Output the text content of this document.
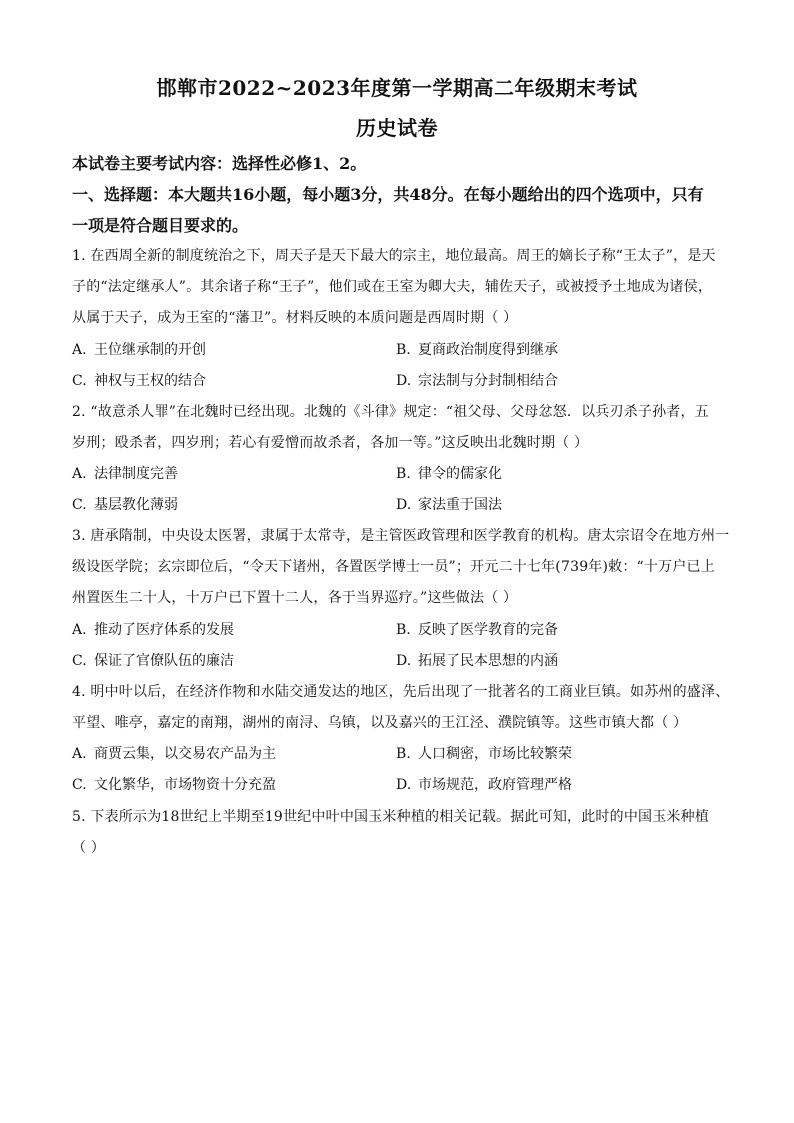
邯郸市2022~2023年度第一学期高二年级期末考试
历史试卷
本试卷主要考试内容：选择性必修1、2。
一、选择题：本大题共16小题，每小题3分，共48分。在每小题给出的四个选项中，只有
一项是符合题目要求的。
1. 在西周全新的制度统治之下，周天子是天下最大的宗主，地位最高。周王的嫡长子称“王太子”，是天
子的“法定继承人”。其余诸子称“王子”，他们或在王室为卿大夫，辅佐天子，或被授予土地成为诸侯，
从属于天子，成为王室的“藩卫”。材料反映的本质问题是西周时期（ ）
A. 王位继承制的开创	B. 夏商政治制度得到继承
C. 神权与王权的结合	D. 宗法制与分封制相结合
2. “故意杀人罪”在北魏时已经出现。北魏的《斗律》规定：“祖父母、父母忿怒．以兵刃杀子孙者，五
岁刑；殴杀者，四岁刑；若心有爱憎而故杀者，各加一等。”这反映出北魏时期（ ）
A. 法律制度完善	B. 律令的儒家化
C. 基层教化薄弱	D. 家法重于国法
3. 唐承隋制，中央设太医署，隶属于太常寺，是主管医政管理和医学教育的机构。唐太宗诏令在地方州一
级设医学院；玄宗即位后，“令天下诸州，各置医学博士一员”；开元二十七年(739年)敕：“十万户已上
州置医生二十人，十万户已下置十二人，各于当界巡疗。”这些做法（ ）
A. 推动了医疗体系的发展	B. 反映了医学教育的完备
C. 保证了官僚队伍的廉洁	D. 拓展了民本思想的内涵
4. 明中叶以后，在经济作物和水陆交通发达的地区，先后出现了一批著名的工商业巨镇。如苏州的盛泽、
平望、唯亭，嘉定的南翔，湖州的南浔、乌镇，以及嘉兴的王江泾、濮院镇等。这些市镇大都（ ）
A. 商贾云集，以交易农产品为主	B. 人口稠密，市场比较繁荣
C. 文化繁华，市场物资十分充盈	D. 市场规范，政府管理严格
5. 下表所示为18世纪上半期至19世纪中叶中国玉米种植的相关记载。据此可知，此时的中国玉米种植
（ ）
